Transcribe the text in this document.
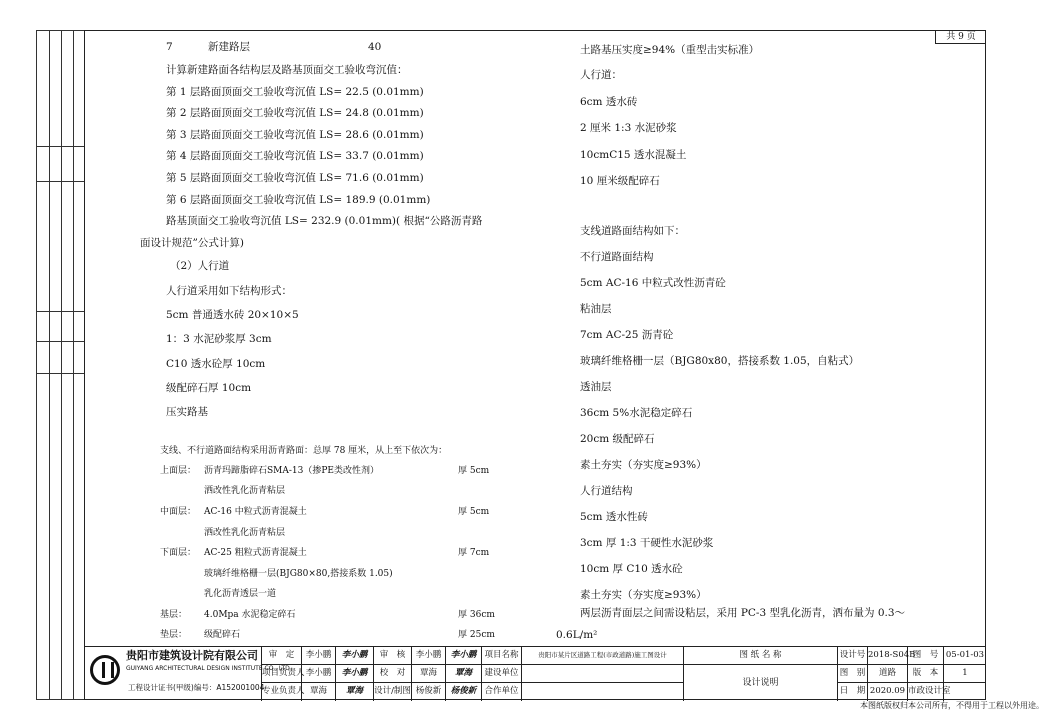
共 9 页
7	新建路层	40
计算新建路面各结构层及路基顶面交工验收弯沉值：
第 1 层路面顶面交工验收弯沉值 LS= 22.5 (0.01mm)
第 2 层路面顶面交工验收弯沉值 LS= 24.8 (0.01mm)
第 3 层路面顶面交工验收弯沉值 LS= 28.6 (0.01mm)
第 4 层路面顶面交工验收弯沉值 LS= 33.7 (0.01mm)
第 5 层路面顶面交工验收弯沉值 LS= 71.6 (0.01mm)
第 6 层路面顶面交工验收弯沉值 LS= 189.9 (0.01mm)
路基顶面交工验收弯沉值 LS= 232.9 (0.01mm)( 根据“公路沥青路
面设计规范”公式计算)
（2）人行道
人行道采用如下结构形式：
5cm 普通透水砖 20×10×5
1：3 水泥砂浆厚 3cm
C10 透水砼厚 10cm
级配碎石厚 10cm
压实路基
支线、不行道路面结构采用沥青路面：总厚 78 厘米，从上至下依次为：
上面层： 沥青玛蹄脂碎石SMA-13（掺PE类改性剂）	厚 5cm
洒改性乳化沥青粘层
中面层： AC-16 中粒式沥青混凝土	厚 5cm
洒改性乳化沥青粘层
下面层： AC-25 粗粒式沥青混凝土	厚 7cm
玻璃纤维格栅一层(BJG80×80,搭接系数 1.05)
乳化沥青透层一道
基层： 4.0Mpa 水泥稳定碎石	厚 36cm
垫层： 级配碎石	厚 25cm
土路基压实度≥94%（重型击实标准）
人行道：
6cm 透水砖
2 厘米 1:3 水泥砂浆
10cmC15 透水混凝土
10 厘米级配碎石
支线道路面结构如下：
不行道路面结构
5cm AC-16 中粒式改性沥青砼
粘油层
7cm AC-25 沥青砼
玻璃纤维格栅一层（BJG80x80，搭接系数 1.05，自粘式）
透油层
36cm 5%水泥稳定碎石
20cm 级配碎石
素土夯实（夯实度≥93%）
人行道结构
5cm 透水性砖
3cm 厚 1:3 干硬性水泥砂浆
10cm 厚 C10 透水砼
素土夯实（夯实度≥93%）
两层沥青面层之间需设粘层，采用 PC-3 型乳化沥青，洒布量为 0.3～
0.6L/m²
贵阳市建筑设计院有限公司
GUIYANG ARCHITECTURAL DESIGN INSTITUTE CO., LTD
工程设计证书(甲级)编号：A152001004
审　定	李小鹏	李小鹏	审　核	李小鹏	李小鹏
项目负责人 李小鹏	李小鹏	校　对	覃海	覃海
专业负责人 覃海	覃海	设计/制图 杨俊新	杨俊新
项目名称	贵阳市某片区道路工程(市政道路)施工图设计
建设单位
合作单位
图 纸 名 称
设计说明
设计号 2018-S04B
图　号 05-01-03
图　别	道路	版　本	1
日　期 2020.09 市政设计室
本图纸版权归本公司所有，不得用于工程以外用途。
